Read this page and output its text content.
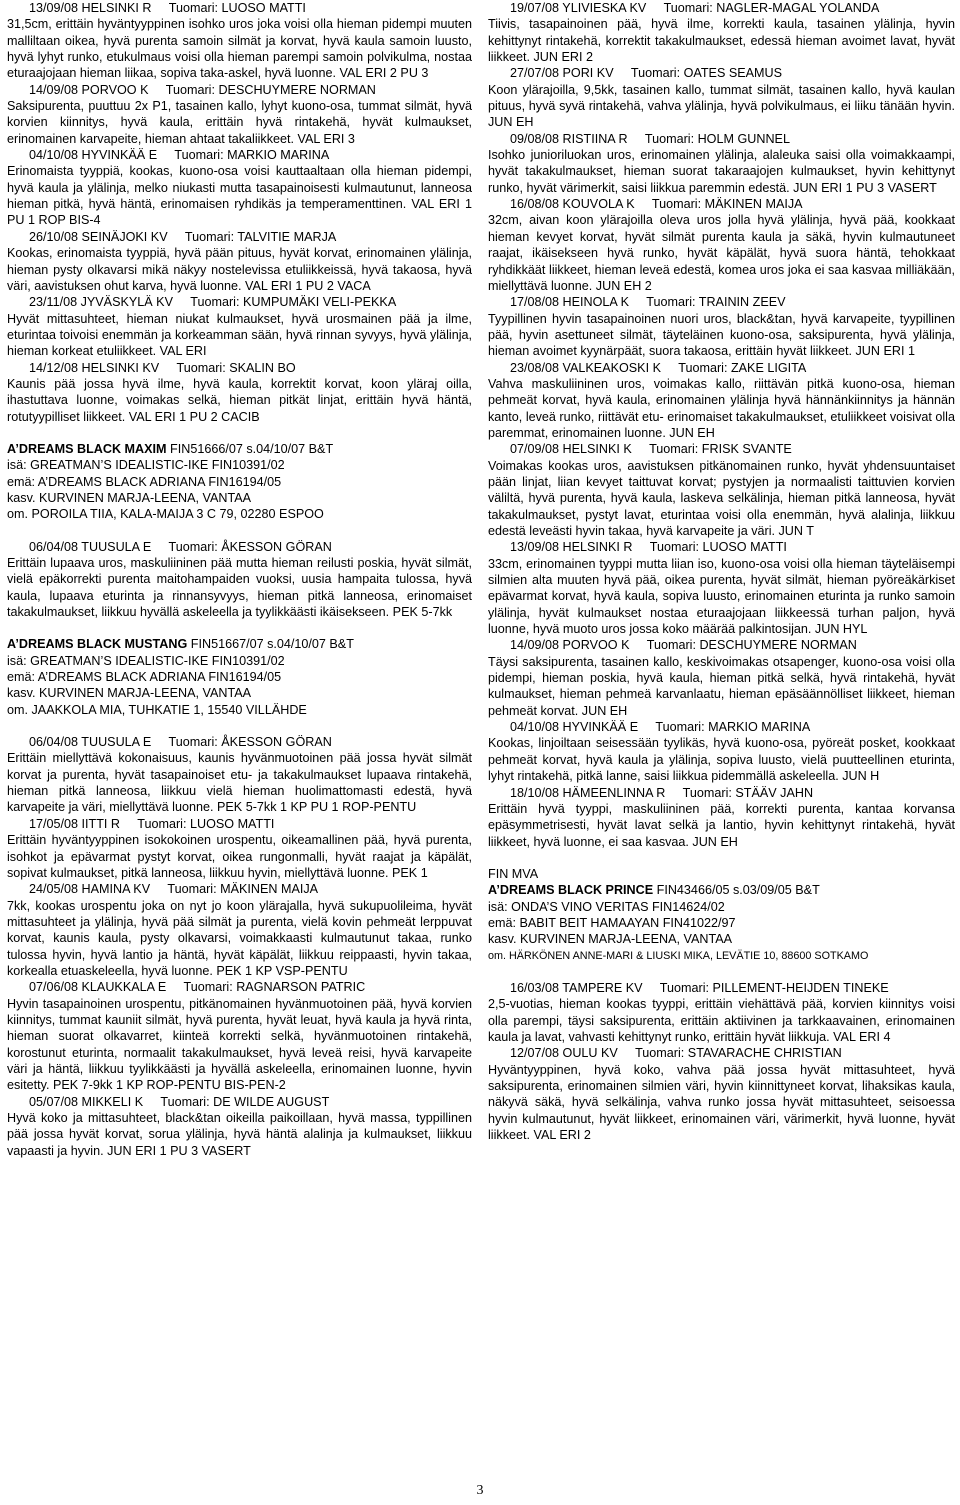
13/09/08 HELSINKI R     Tuomari: LUOSO MATTI
31,5cm, erittäin hyväntyyppinen isohko uros joka voisi olla hieman pidempi muuten malliltaan oikea, hyvä purenta samoin silmät ja korvat, hyvä kaula samoin luusto, hyvä lyhyt runko, etukulmaus voisi olla hieman parempi samoin polvikulma, nostaa eturaajojaan hieman liikaa, sopiva taka-askel, hyvä luonne. VAL ERI 2 PU 3
14/09/08 PORVOO K     Tuomari: DESCHUYMERE NORMAN
Saksipurenta, puuttuu 2x P1, tasainen kallo, lyhyt kuono-osa, tummat silmät, hyvä korvien kiinnitys, hyvä kaula, erittäin hyvä rintakehä, hyvät kulmaukset, erinomainen karvapeite, hieman ahtaat takaliikkeet. VAL ERI 3
04/10/08 HYVINKÄÄ E     Tuomari: MARKIO MARINA
Erinomaista tyyppiä, kookas, kuono-osa voisi kauttaaltaan olla hieman pidempi, hyvä kaula ja ylälinja, melko niukasti mutta tasapainoisesti kulmautunut, lanneosa hieman pitkä, hyvä häntä, erinomaisen ryhdikäs ja temperamenttinen. VAL ERI 1 PU 1 ROP BIS-4
26/10/08 SEINÄJOKI KV     Tuomari: TALVITIE MARJA
Kookas, erinomaista tyyppiä, hyvä pään pituus, hyvät korvat, erinomainen ylälinja, hieman pysty olkavarsi mikä näkyy nostelevissa etuliikkeissä, hyvä takaosa, hyvä väri, aavistuksen ohut karva, hyvä luonne. VAL ERI 1 PU 2 VACA
23/11/08 JYVÄSKYLÄ KV     Tuomari: KUMPUMÄKI VELI-PEKKA
Hyvät mittasuhteet, hieman niukat kulmaukset, hyvä urosmainen pää ja ilme, eturintaa toivoisi enemmän ja korkeamman sään, hyvä rinnan syvyys, hyvä ylälinja, hieman korkeat etuliikkeet. VAL ERI
14/12/08 HELSINKI KV     Tuomari: SKALIN BO
Kaunis pää jossa hyvä ilme, hyvä kaula, korrektit korvat, koon yläraj oilla, ihastuttava luonne, voimakas selkä, hieman pitkät linjat, erittäin hyvä häntä, rotutyypilliset liikkeet. VAL ERI 1 PU 2 CACIB
A’DREAMS BLACK MAXIM FIN51666/07 s.04/10/07 B&T
isä: GREATMAN’S IDEALISTIC-IKE FIN10391/02
emä: A’DREAMS BLACK ADRIANA FIN16194/05
kasv. KURVINEN MARJA-LEENA, VANTAA
om. POROILA TIIA, KALA-MAIJA 3 C 79, 02280 ESPOO
06/04/08 TUUSULA E     Tuomari: ÅKESSON GÖRAN
Erittäin lupaava uros, maskuliininen pää mutta hieman reilusti poskia, hyvät silmät, vielä epäkorrekti purenta maitohampaiden vuoksi, uusia hampaita tulossa, hyvä kaula, lupaava eturinta ja rinnansyvyys, hieman pitkä lanneosa, erinomaiset takakulmaukset, liikkuu hyvällä askeleella ja tyylikkäästi ikäisekseen. PEK 5-7kk
A’DREAMS BLACK MUSTANG FIN51667/07 s.04/10/07 B&T
isä: GREATMAN’S IDEALISTIC-IKE FIN10391/02
emä: A’DREAMS BLACK ADRIANA FIN16194/05
kasv. KURVINEN MARJA-LEENA, VANTAA
om. JAAKKOLA MIA, TUHKATIE 1, 15540 VILLÄHDE
06/04/08 TUUSULA E     Tuomari: ÅKESSON GÖRAN
Erittäin miellyttävä kokonaisuus, kaunis hyvänmuotoinen pää jossa hyvät silmät korvat ja purenta, hyvät tasapainoiset etu- ja takakulmaukset lupaava rintakehä, hieman pitkä lanneosa, liikkuu vielä hieman huolimattomasti edestä, hyvä karvapeite ja väri, miellyttävä luonne. PEK 5-7kk 1 KP PU 1 ROP-PENTU
17/05/08 IITTI R     Tuomari: LUOSO MATTI
Erittäin hyväntyyppinen isokokoinen urospentu, oikeamallinen pää, hyvä purenta, isohkot ja epävarmat pystyt korvat, oikea rungonmalli, hyvät raajat ja käpälät, sopivat kulmaukset, pitkä lanneosa, liikkuu hyvin, miellyttävä luonne. PEK 1
24/05/08 HAMINA KV     Tuomari: MÄKINEN MAIJA
7kk, kookas urospentu joka on nyt jo koon ylärajalla, hyvä sukupuolileima, hyvät mittasuhteet ja ylälinja, hyvä pää silmät ja purenta, vielä kovin pehmeät lerppuvat korvat, kaunis kaula, pysty olkavarsi, voimakkaasti kulmautunut takaa, runko tulossa hyvin, hyvä lantio ja häntä, hyvät käpälät, liikkuu reippaasti, hyvin takaa, korkealla etuaskeleella, hyvä luonne. PEK 1 KP VSP-PENTU
07/06/08 KLAUKKALA E     Tuomari: RAGNARSON PATRIC
Hyvin tasapainoinen urospentu, pitkänomainen hyvänmuotoinen pää, hyvä korvien kiinnitys, tummat kauniit silmät, hyvä purenta, hyvät leuat, hyvä kaula ja hyvä rinta, hieman suorat olkavarret, kiinteä korrekti selkä, hyvänmuotoinen rintakehä, korostunut eturinta, normaalit takakulmaukset, hyvä leveä reisi, hyvä karvapeite väri ja häntä, liikkuu tyylikkäästi ja hyvällä askeleella, erinomainen luonne, hyvin esitetty. PEK 7-9kk 1 KP ROP-PENTU BIS-PEN-2
05/07/08 MIKKELI K     Tuomari: DE WILDE AUGUST
Hyvä koko ja mittasuhteet, black&tan oikeilla paikoillaan, hyvä massa, typpillinen pää jossa hyvät korvat, sorua ylälinja, hyvä häntä alalinja ja kulmaukset, liikkuu vapaasti ja hyvin. JUN ERI 1 PU 3 VASERT
19/07/08 YLIVIESKA KV     Tuomari: NAGLER-MAGAL YOLANDA
Tiivis, tasapainoinen pää, hyvä ilme, korrekti kaula, tasainen ylälinja, hyvin kehittynyt rintakehä, korrektit takakulmaukset, edessä hieman avoimet lavat, hyvät liikkeet. JUN ERI 2
27/07/08 PORI KV     Tuomari: OATES SEAMUS
Koon ylärajoilla, 9,5kk, tasainen kallo, tummat silmät, tasainen kallo, hyvä kaulan pituus, hyvä syvä rintakehä, vahva ylälinja, hyvä polvikulmaus, ei liiku tänään hyvin. JUN EH
09/08/08 RISTIINA R     Tuomari: HOLM GUNNEL
Isohko junioriluokan uros, erinomainen ylälinja, alaleuka saisi olla voimakkaampi, hyvät takakulmaukset, hieman suorat takaraajojen kulmaukset, hyvin kehittynyt runko, hyvät värimerkit, saisi liikkua paremmin edestä. JUN ERI 1 PU 3 VASERT
16/08/08 KOUVOLA K     Tuomari: MÄKINEN MAIJA
32cm, aivan koon ylärajoilla oleva uros jolla hyvä ylälinja, hyvä pää, kookkaat hieman kevyet korvat, hyvät silmät purenta kaula ja säkä, hyvin kulmautuneet raajat, ikäisekseen hyvä runko, hyvät käpälät, hyvä suora häntä, tehokkaat ryhdikkäät liikkeet, hieman leveä edestä, komea uros joka ei saa kasvaa milliäkään, miellyttävä luonne. JUN EH 2
17/08/08 HEINOLA K     Tuomari: TRAININ ZEEV
Tyypillinen hyvin tasapainoinen nuori uros, black&tan, hyvä karvapeite, tyypillinen pää, hyvin asettuneet silmät, täyteläinen kuono-osa, saksipurenta, hyvä ylälinja, hieman avoimet kyynärpäät, suora takaosa, erittäin hyvät liikkeet. JUN ERI 1
23/08/08 VALKEAKOSKI K     Tuomari: ZAKE LIGITA
Vahva maskuliininen uros, voimakas kallo, riittävän pitkä kuono-osa, hieman pehmeät korvat, hyvä kaula, erinomainen ylälinja hyvä hännänkiinnitys ja hännän kanto, leveä runko, riittävät etu- erinomaiset takakulmaukset, etuliikkeet voisivat olla paremmat, erinomainen luonne. JUN EH
07/09/08 HELSINKI K     Tuomari: FRISK SVANTE
Voimakas kookas uros, aavistuksen pitkänomainen runko, hyvät yhdensuuntaiset pään linjat, liian kevyet taittuvat korvat; pystyjen ja normaalisti taittuvien korvien väliltä, hyvä purenta, hyvä kaula, laskeva selkälinja, hieman pitkä lanneosa, hyvät takakulmaukset, pystyt lavat, eturintaa voisi olla enemmän, hyvä alalinja, liikkuu edestä leveästi hyvin takaa, hyvä karvapeite ja väri. JUN T
13/09/08 HELSINKI R     Tuomari: LUOSO MATTI
33cm, erinomainen tyyppi mutta liian iso, kuono-osa voisi olla hieman täyteläisempi silmien alta muuten hyvä pää, oikea purenta, hyvät silmät, hieman pyöreäkärkiset epävarmat korvat, hyvä kaula, sopiva luusto, erinomainen eturinta ja runko samoin ylälinja, hyvät kulmaukset nostaa eturaajojaan liikkeessä turhan paljon, hyvä luonne, hyvä muoto uros jossa koko määrää palkintosijan. JUN HYL
14/09/08 PORVOO K     Tuomari: DESCHUYMERE NORMAN
Täysi saksipurenta, tasainen kallo, keskivoimakas otsapenger, kuono-osa voisi olla pidempi, hieman poskia, hyvä kaula, hieman pitkä selkä, hyvä rintakehä, hyvät kulmaukset, hieman pehmeä karvanlaatu, hieman epäsäännölliset liikkeet, hieman pehmeät korvat. JUN EH
04/10/08 HYVINKÄÄ E     Tuomari: MARKIO MARINA
Kookas, linjoiltaan seisessään tyylikäs, hyvä kuono-osa, pyöreät posket, kookkaat pehmeät korvat, hyvä kaula ja ylälinja, sopiva luusto, vielä puutteellinen eturinta, lyhyt rintakehä, pitkä lanne, saisi liikkua pidemmällä askeleella. JUN H
18/10/08 HÄMEENLINNA R     Tuomari: STÄÄV JAHN
Erittäin hyvä tyyppi, maskuliininen pää, korrekti purenta, kantaa korvansa epäsymmetrisesti, hyvät lavat selkä ja lantio, hyvin kehittynyt rintakehä, hyvät liikkeet, hyvä luonne, ei saa kasvaa. JUN EH
FIN MVA
A’DREAMS BLACK PRINCE FIN43466/05 s.03/09/05 B&T
isä: ONDA’S VINO VERITAS FIN14624/02
emä: BABIT BEIT HAMAAYAN FIN41022/97
kasv. KURVINEN MARJA-LEENA, VANTAA
om. HÄRKÖNEN ANNE-MARI & LIUSKI MIKA, LEVÄTIE 10, 88600 SOTKAMO
16/03/08 TAMPERE KV     Tuomari: PILLEMENT-HEIJDEN TINEKE
2,5-vuotias, hieman kookas tyyppi, erittäin viehättävä pää, korvien kiinnitys voisi olla parempi, täysi saksipurenta, erittäin aktiivinen ja tarkkaavainen, erinomainen kaula ja lavat, vahvasti kehittynyt runko, erittäin hyvät liikkuja. VAL ERI 4
12/07/08 OULU KV     Tuomari: STAVARACHE CHRISTIAN
Hyväntyyppinen, hyvä koko, vahva pää jossa hyvät mittasuhteet, hyvä saksipurenta, erinomainen silmien väri, hyvin kiinnittyneet korvat, lihaksikas kaula, näkyvä säkä, hyvä selkälinja, vahva runko jossa hyvät mittasuhteet, seisoessa hyvin kulmautunut, hyvät liikkeet, erinomainen väri, värimerkit, hyvä luonne, hyvät liikkeet. VAL ERI 2
3
